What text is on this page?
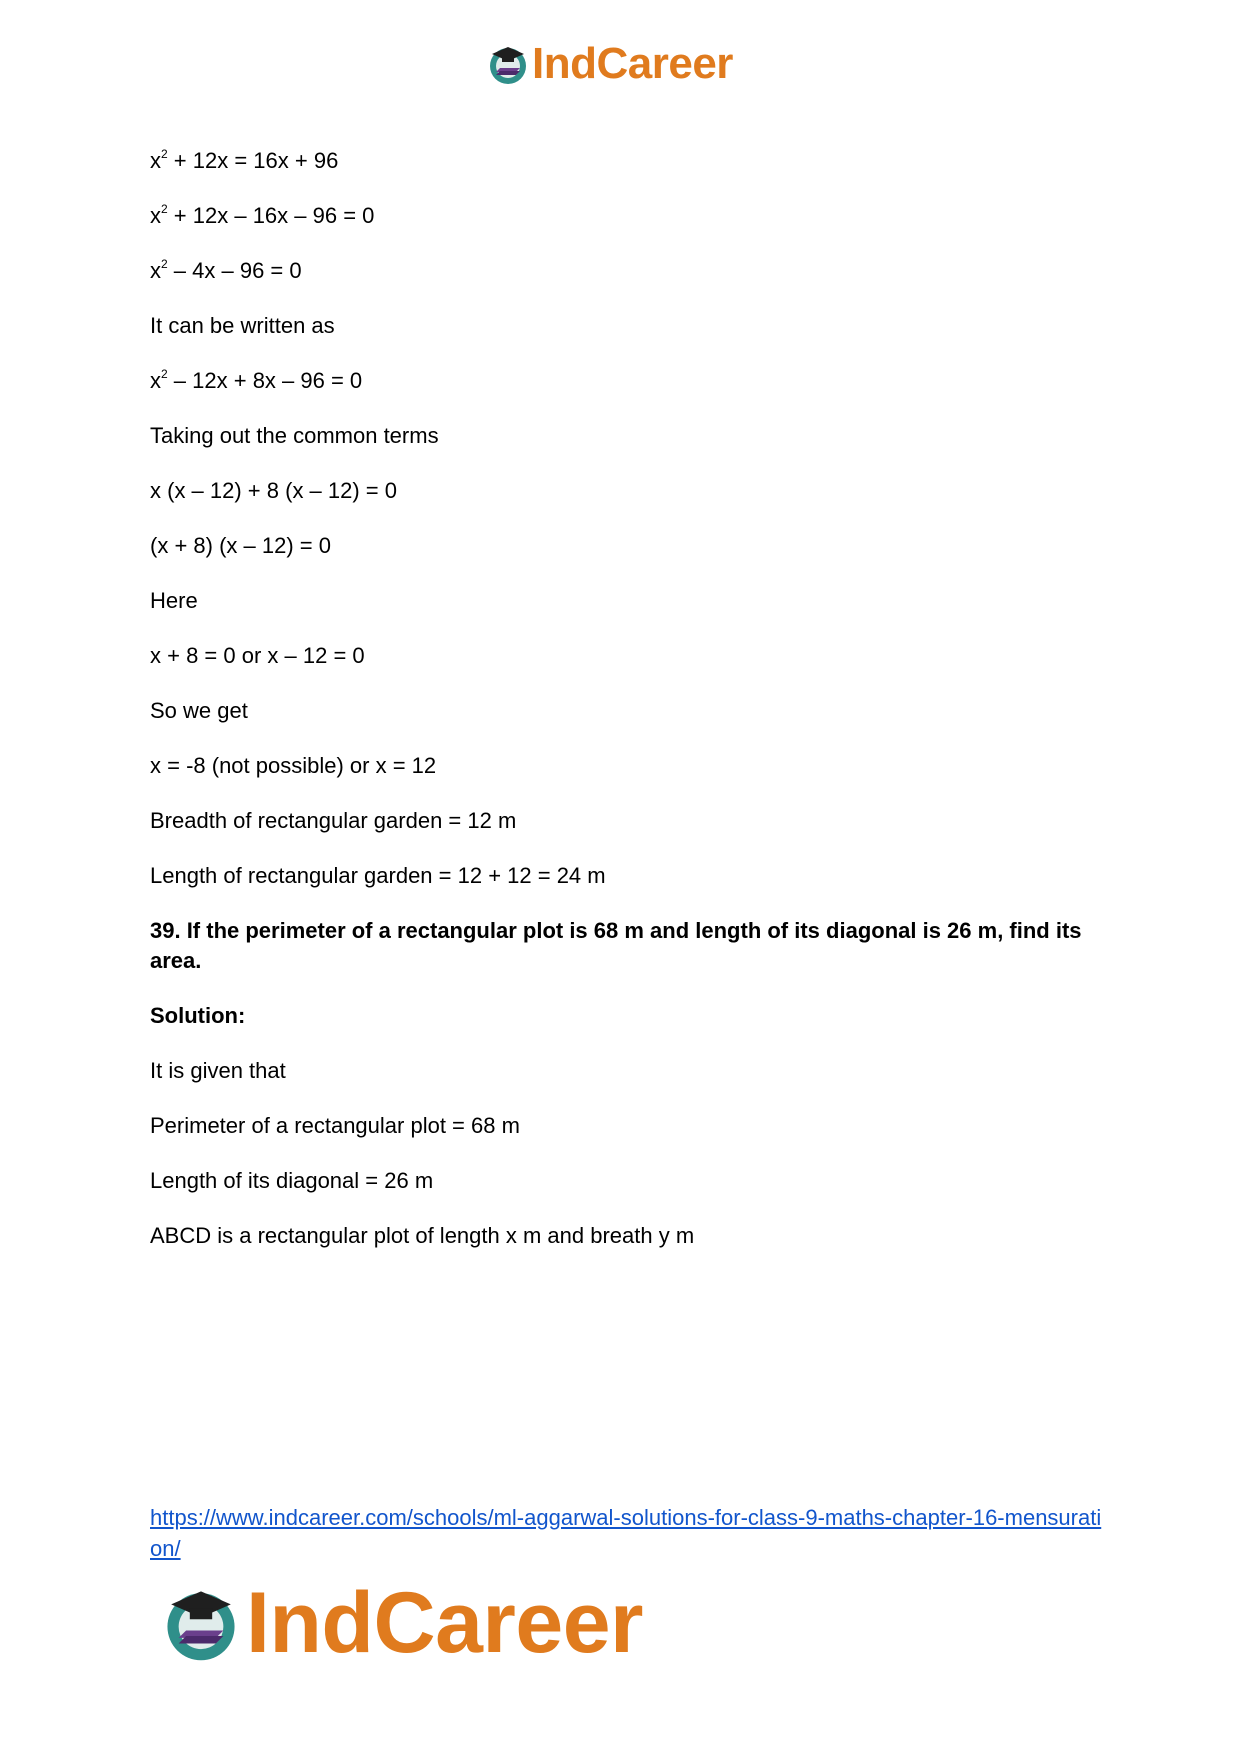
IndCareer
$x^2 + 12x = 16x + 96$
$x^2 + 12x - 16x - 96 = 0$
$x^2 - 4x - 96 = 0$
It can be written as
$x^2 - 12x + 8x - 96 = 0$
Taking out the common terms
x (x – 12) + 8 (x – 12) = 0
(x + 8) (x – 12) = 0
Here
x + 8 = 0 or x – 12 = 0
So we get
x = -8 (not possible) or x = 12
Breadth of rectangular garden = 12 m
Length of rectangular garden = 12 + 12 = 24 m
39. If the perimeter of a rectangular plot is 68 m and length of its diagonal is 26 m, find its area.
Solution:
It is given that
Perimeter of a rectangular plot = 68 m
Length of its diagonal = 26 m
ABCD is a rectangular plot of length x m and breath y m
https://www.indcareer.com/schools/ml-aggarwal-solutions-for-class-9-maths-chapter-16-mensuration/
IndCareer
